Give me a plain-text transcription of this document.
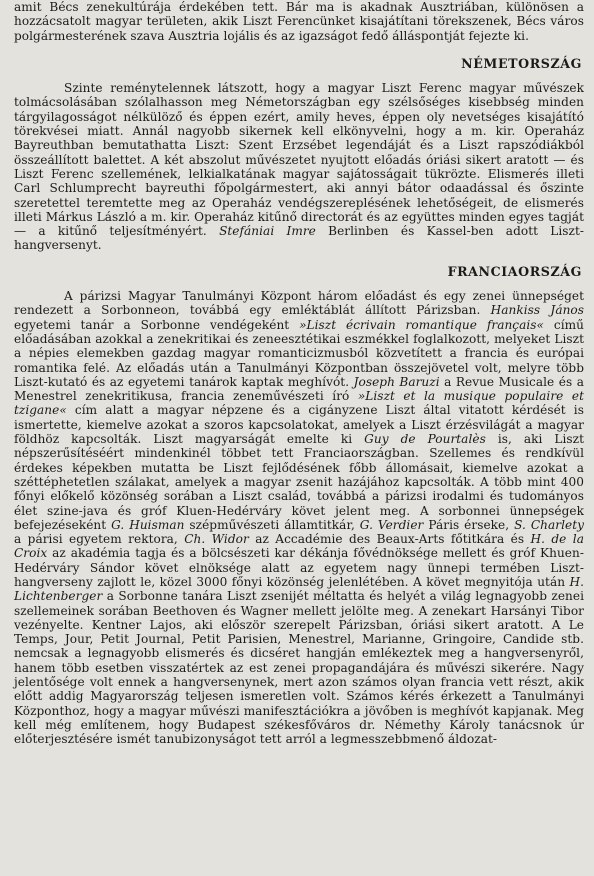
amit Bécs zenekultúrája érdekében tett. Bár ma is akadnak Ausztriában, különösen a hozzácsatolt magyar területen, akik Liszt Ferencünket kisajátítani törekszenek, Bécs város polgármesterének szava Ausztria lojális és az igazságot fedő álláspontját fejezte ki.

NÉMETORSZÁG

Szinte reménytelennek látszott, hogy a magyar Liszt Ferenc magyar művészek tolmácsolásában szólalhasson meg Németországban egy szélsőséges kisebbség minden tárgyilagosságot nélkülöző és éppen ezért, amily heves, éppen oly nevetséges kisajátító törekvései miatt. Annál nagyobb sikernek kell elkönyvelni, hogy a m. kir. Operaház Bayreuthban bemutathatta Liszt: Szent Erzsébet legendáját és a Liszt rapszódiákból összeállított balettet. A két abszolut művészetet nyujtott előadás óriási sikert aratott — és Liszt Ferenc szellemének, lelkialkatának magyar sajátosságait tükrözte. Elismerés illeti Carl Schlumprecht bayreuthi főpolgármestert, aki annyi bátor odaadással és őszinte szeretettel teremtette meg az Operaház vendégszereplésének lehetőségeit, de elismerés illeti Márkus László a m. kir. Operaház kitűnő directorát és az együttes minden egyes tagját — a kitűnő teljesítményért. Stefániai Imre Berlinben és Kassel-ben adott Liszt-hangversenyt.

FRANCIAORSZÁG

A párizsi Magyar Tanulmányi Központ három előadást és egy zenei ünnepséget rendezett a Sorbonneon, továbbá egy emléktáblát állított Párizsban. Hankiss János egyetemi tanár a Sorbonne vendégeként »Liszt écrivain romantique français« című előadásában azokkal a zenekritikai és zeneesztétikai eszmékkel foglalkozott, melyeket Liszt a népies elemekben gazdag magyar romanticizmusból közvetített a francia és európai romantika felé. Az előadás után a Tanulmányi Központban összejövetel volt, melyre több Liszt-kutató és az egyetemi tanárok kaptak meghívót. Joseph Baruzi a Revue Musicale és a Menestrel zenekritikusa, francia zeneművészeti író »Liszt et la musique populaire et tzigane« cím alatt a magyar népzene és a cigányzene Liszt által vitatott kérdését is ismertette, kiemelve azokat a szoros kapcsolatokat, amelyek a Liszt érzésvilágát a magyar földhöz kapcsolták. Liszt magyarságát emelte ki Guy de Pourtalès is, aki Liszt népszerűsítéséért mindenkinél többet tett Franciaországban. Szellemes és rendkívül érdekes képekben mutatta be Liszt fejlődésének főbb állomásait, kiemelve azokat a széttéphetetlen szálakat, amelyek a magyar zsenit hazájához kapcsolták. A több mint 400 főnyi előkelő közönség sorában a Liszt család, továbbá a párizsi irodalmi és tudományos élet szine-java és gróf Kluen-Hedérváry követ jelent meg. A sorbonnei ünnepségek befejezéseként G. Huisman szépművészeti államtitkár, G. Verdier Páris érseke, S. Charlety a párisi egyetem rektora, Ch. Widor az Accadémie des Beaux-Arts főtitkára és H. de la Croix az akadémia tagja és a bölcsészeti kar dékánja fővédnöksége mellett és gróf Khuen-Hedérváry Sándor követ elnöksége alatt az egyetem nagy ünnepi termében Liszt-hangverseny zajlott le, közel 3000 főnyi közönség jelenlétében. A követ megnyitója után H. Lichtenberger a Sorbonne tanára Liszt zsenijét méltatta és helyét a világ legnagyobb zenei szellemeinek sorában Beethoven és Wagner mellett jelölte meg. A zenekart Harsányi Tibor vezényelte. Kentner Lajos, aki először szerepelt Párizsban, óriási sikert aratott. A Le Temps, Jour, Petit Journal, Petit Parisien, Menestrel, Marianne, Gringoire, Candide stb. nemcsak a legnagyobb elismerés és dicséret hangján emlékeztek meg a hangversenyről, hanem több esetben visszatértek az est zenei propagandájára és művészi sikerére. Nagy jelentősége volt ennek a hangversenynek, mert azon számos olyan francia vett részt, akik előtt addig Magyarország teljesen ismeretlen volt. Számos kérés érkezett a Tanulmányi Központhoz, hogy a magyar művészi manifesztációkra a jövőben is meghívót kapjanak. Meg kell még említenem, hogy Budapest székesfőváros dr. Némethy Károly tanácsnok úr előterjesztésére ismét tanubizonyságot tett arról a legmesszebbmenő áldozat-
